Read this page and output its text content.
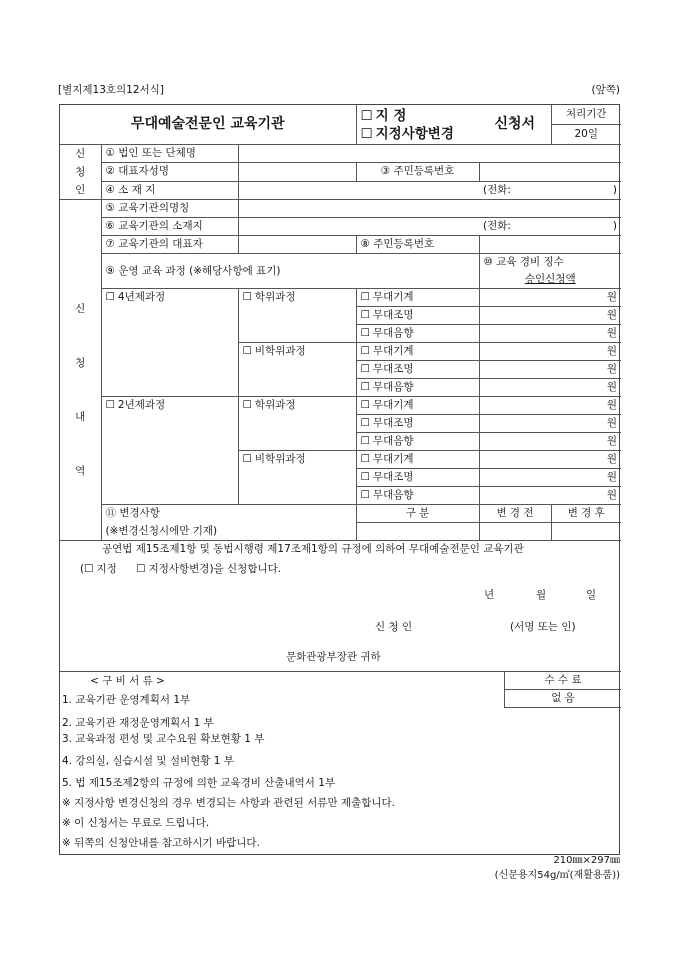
[별지제13호의12서식]	(앞쪽)
무대예술전문인 교육기관	
☐ 지 정
☐ 지정사항변경	신청서	처리기간
					20일

신
청
인	① 법인 또는 단체명				
	② 대표자성명		③ 주민등록번호		
	④ 소 재 지			(전화: )	

신
청
내
역	⑤ 교육기관의명칭				
	⑥ 교육기관의 소재지			(전화: )	

	⑦ 교육기관의 대표자		⑧ 주민등록번호		
	⑨ 운영 교육 과정 (※해당사항에 표기)			⑩ 교육 경비 징수
승인신청액	

☐ 4년제과정	☐학위과정	☐무대기계	원	
☐ 무대조명	원	
☐ 무대음향	원	
☐ 비학위과정	☐무대기계	원	
☐ 무대조명	원	
☐ 무대음향	원	
☐ 2년제과정	☐학위과정	☐무대기계	원	
☐ 무대조명	원	
☐ 무대음향	원	
☐ 비학위과정	☐무대기계	원	
☐ 무대조명	원	
☐ 무대음향	원	
	⑪ 변경사항		구 분	변 경 전	변 경 후
	(※변경신청시에만 기재)				

공연법 제15조제1항 및 동법시행령 제17조제1항의 규정에 의하여 무대예술전문인 교육기관
( ☐ 지정 ☐	지정사항변경)을 신청합니다.
년	월	일
신 청 인	(서명 또는 인)
문화관광부장관 귀하

< 구 비 서 류 >
1. 교육기관 운영계획서 1부
2. 교육기관 재정운영계획서 1 부
3. 교육과정 편성 및 교수요원 확보현황 1 부
4. 강의실, 실습시설 및 설비현황 1 부
5. 법 제15조제2항의 규정에 의한 교육경비 산출내역서 1부
※ 지정사항 변경신청의 경우 변경되는 사항과 관련된 서류만 제출합니다.
※ 이 신청서는 무료로 드립니다.
※ 뒤쪽의 신청안내를 참고하시기 바랍니다.
수 수 료
없 음
210㎜×297㎜
(신문용지54g/㎡(재활용품))
